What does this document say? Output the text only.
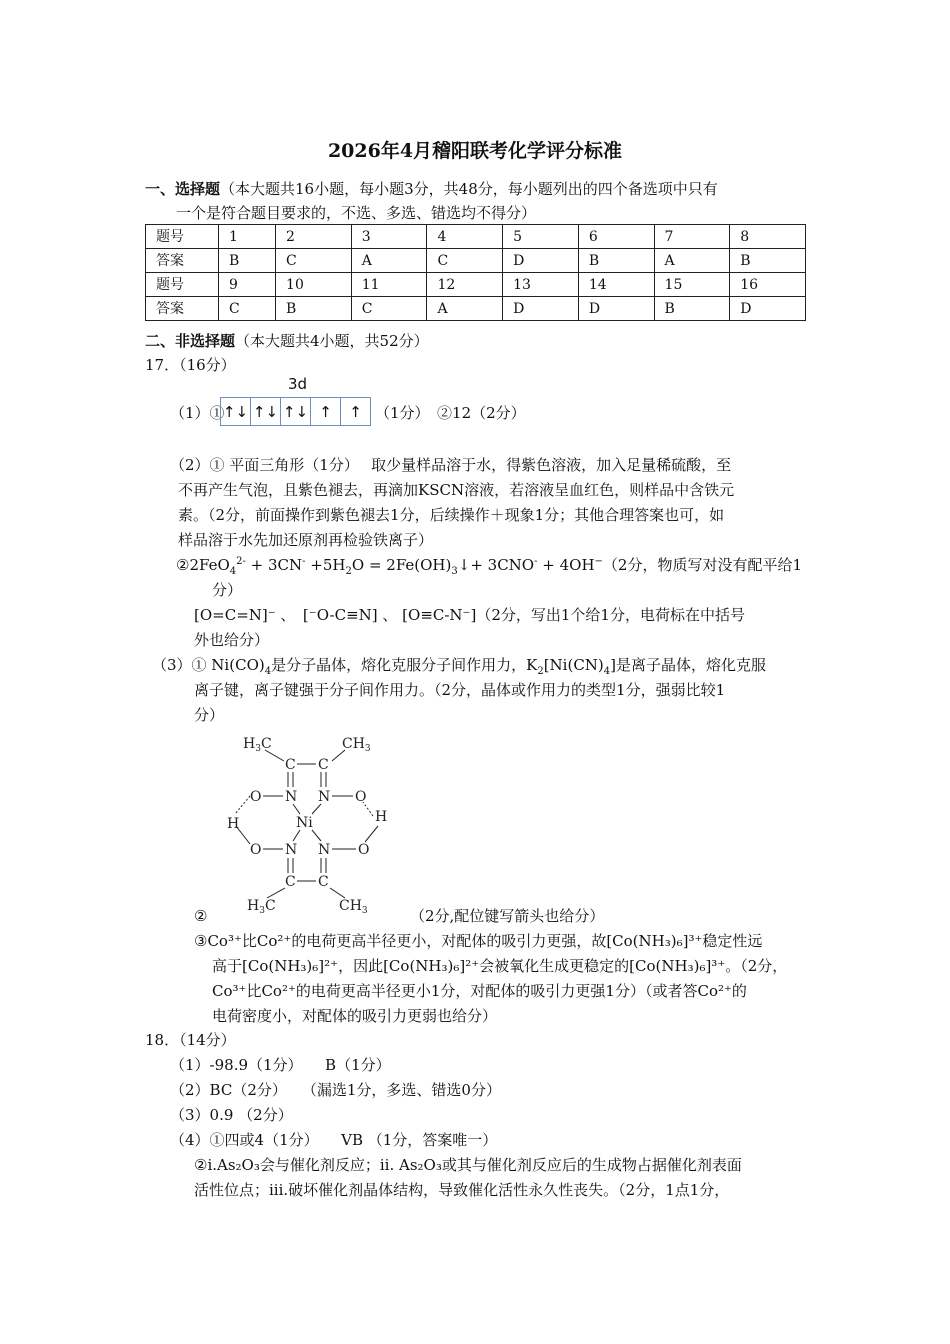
2026年4月稽阳联考化学评分标准
一、选择题（本大题共16小题，每小题3分，共48分，每小题列出的四个备选项中只有
一个是符合题目要求的，不选、多选、错选均不得分）
题号	1	2	3	4	5	6	7	8
答案	B	C	A	C	D	B	A	B
题号	9	10	11	12	13	14	15	16
答案	C	B	C	A	D	D	B	D
二、非选择题（本大题共4小题，共52分）
17．（16分）
3d
（1）①
↑↓ ↑↓ ↑↓ ↑	↑ （1分）　②12（2分）
（2）① 平面三角形（1分）　 取少量样品溶于水，得紫色溶液，加入足量稀硫酸，至
不再产生气泡，且紫色褪去，再滴加KSCN溶液，若溶液呈血红色，则样品中含铁元
素。（2分，前面操作到紫色褪去1分，后续操作＋现象1分；其他合理答案也可，如
样品溶于水先加还原剂再检验铁离子）
②2FeO$_4^{2-}$ + $3CN^- +5H_2O$ = $2Fe(OH)_3↓+ 3CNO^- + 4OH^-(2$分，物质写对没有配平给1
分）
[O=C=N]⁻ 、　[⁻O-C≡N] 、 [O≡C-N⁻]（2分，写出1个给1分，电荷标在中括号
外也给分）
（3）① $Ni(CO)_4$是分子晶体，熔化克服分子间作用力，$K_2[Ni(CN)_4]$是离子晶体，熔化克服
离子键，离子键强于分子间作用力。（2分，晶体或作用力的类型1分，强弱比较1
分）
$H_3C$	$CH_3$
C C
O N N O
H	Ni	H
O N N O
C C
$H_3C$	$CH_3$
②	（2分,配位键写箭头也给分）
③Co³⁺比Co²⁺的电荷更高半径更小，对配体的吸引力更强，故[Co(NH₃)₆]³⁺稳定性远
高于[Co(NH₃)₆]²⁺，因此[Co(NH₃)₆]²⁺会被氧化生成更稳定的[Co(NH₃)₆]³⁺。（2分，
Co³⁺比Co²⁺的电荷更高半径更小1分，对配体的吸引力更强1分）（或者答Co²⁺的
电荷密度小，对配体的吸引力更弱也给分）
18．（14分）
（1）-98.9（1分）　　B（1分）
（2）BC（2分）　　（漏选1分，多选、错选0分）
（3）0.9 （2分）
（4）①四或4（1分）　　VB （1分，答案唯一）
②i.As₂O₃会与催化剂反应；ii. As₂O₃或其与催化剂反应后的生成物占据催化剂表面
活性位点；iii.破坏催化剂晶体结构，导致催化活性永久性丧失。（2分，1点1分，
